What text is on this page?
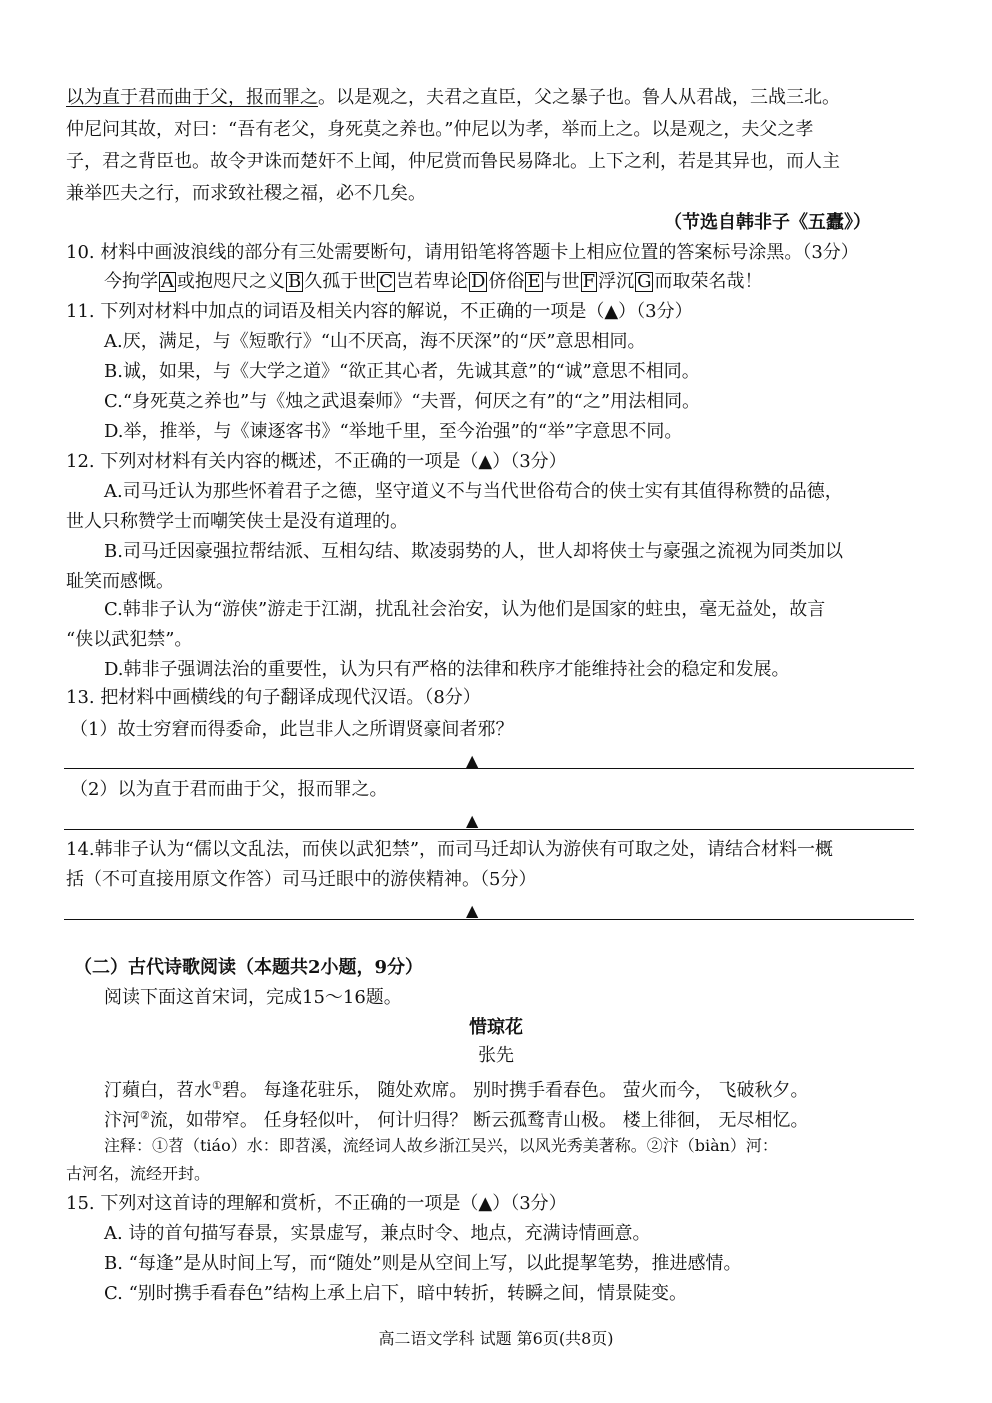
以为直于君而曲于父，报而罪之。以是观之，夫君之直臣，父之暴子也。鲁人从君战，三战三北。
仲尼问其故，对曰：“吾有老父，身死莫之养也。”仲尼以为孝，举而上之。以是观之，夫父之孝
子，君之背臣也。故令尹诛而楚奸不上闻，仲尼赏而鲁民易降北。上下之利，若是其异也，而人主
兼举匹夫之行，而求致社稷之福，必不几矣。
（节选自韩非子《五蠹》）
10. 材料中画波浪线的部分有三处需要断句，请用铅笔将答题卡上相应位置的答案标号涂黑。（3分）
今拘学 A 或抱咫尺之义 B 久孤于世 C 岂若卑论 D 侪俗 E 与世 F 浮沉 G 而取荣名哉！
11. 下列对材料中加点的词语及相关内容的解说，不正确的一项是（▲）（3分）
A.厌，满足，与《短歌行》“山不厌高，海不厌深”的“厌”意思相同。
B.诚，如果，与《大学之道》“欲正其心者，先诚其意”的“诚”意思不相同。
C.“身死莫之养也”与《烛之武退秦师》“夫晋，何厌之有”的“之”用法相同。
D.举，推举，与《谏逐客书》“举地千里，至今治强”的“举”字意思不同。
12. 下列对材料有关内容的概述，不正确的一项是（▲）（3分）
A.司马迁认为那些怀着君子之德，坚守道义不与当代世俗苟合的侠士实有其值得称赞的品德，
世人只称赞学士而嘲笑侠士是没有道理的。
B.司马迁因豪强拉帮结派、互相勾结、欺凌弱势的人，世人却将侠士与豪强之流视为同类加以
耻笑而感慨。
C.韩非子认为“游侠”游走于江湖，扰乱社会治安，认为他们是国家的蛀虫，毫无益处，故言
“侠以武犯禁”。
D.韩非子强调法治的重要性，认为只有严格的法律和秩序才能维持社会的稳定和发展。
13. 把材料中画横线的句子翻译成现代汉语。（8分）
（1）故士穷窘而得委命，此岂非人之所谓贤豪间者邪？
▲
（2）以为直于君而曲于父，报而罪之。
▲
14.韩非子认为“儒以文乱法，而侠以武犯禁”，而司马迁却认为游侠有可取之处，请结合材料一概
括（不可直接用原文作答）司马迁眼中的游侠精神。（5分）
▲
（二）古代诗歌阅读（本题共2小题，9分）
阅读下面这首宋词，完成15～16题。
惜琼花
张先
汀蘋白，苕水①碧。 每逢花驻乐， 随处欢席。 别时携手看春色。 萤火而今， 飞破秋夕。
汴河②流，如带窄。 任身轻似叶， 何计归得？ 断云孤鹜青山极。 楼上徘徊， 无尽相忆。
注释：①苕（tiáo）水：即苕溪，流经词人故乡浙江吴兴，以风光秀美著称。②汴（biàn）河：
古河名，流经开封。
15. 下列对这首诗的理解和赏析，不正确的一项是（▲）（3分）
A. 诗的首句描写春景，实景虚写，兼点时令、地点，充满诗情画意。
B. “每逢”是从时间上写，而“随处”则是从空间上写，以此提挈笔势，推进感情。
C. “别时携手看春色”结构上承上启下，暗中转折，转瞬之间，情景陡变。
高二语文学科 试题 第6页(共8页)
